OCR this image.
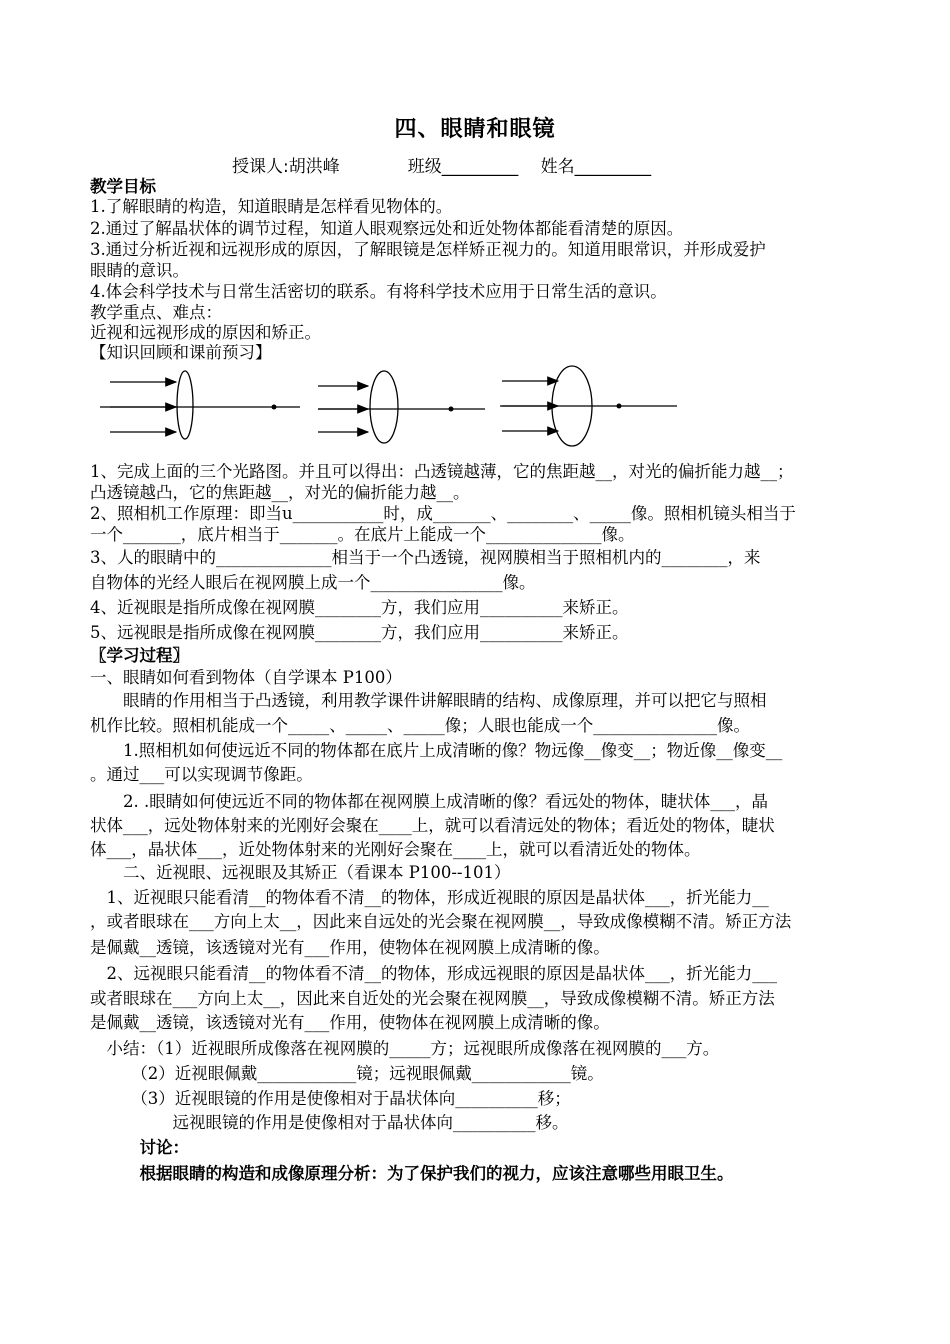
四、眼睛和眼镜
授课人:胡洪峰　　　　班级_________　 姓名_________
教学目标
1.了解眼睛的构造，知道眼睛是怎样看见物体的。
2.通过了解晶状体的调节过程，知道人眼观察远处和近处物体都能看清楚的原因。
3.通过分析近视和远视形成的原因，了解眼镜是怎样矫正视力的。知道用眼常识，并形成爱护
眼睛的意识。
4.体会科学技术与日常生活密切的联系。有将科学技术应用于日常生活的意识。
教学重点、难点：
近视和远视形成的原因和矫正。
【知识回顾和课前预习】
1、完成上面的三个光路图。并且可以得出：凸透镜越薄，它的焦距越__，对光的偏折能力越__；
凸透镜越凸，它的焦距越__，对光的偏折能力越__。
2、照相机工作原理：即当u___________时，成_______、________、_____像。照相机镜头相当于
一个_______，底片相当于_______。在底片上能成一个______________像。
3、人的眼睛中的______________相当于一个凸透镜，视网膜相当于照相机内的________，来
自物体的光经人眼后在视网膜上成一个________________像。
4、近视眼是指所成像在视网膜________方，我们应用__________来矫正。
5、远视眼是指所成像在视网膜________方，我们应用__________来矫正。
〖学习过程〗
一、眼睛如何看到物体（自学课本 P100）
　　眼睛的作用相当于凸透镜，利用教学课件讲解眼睛的结构、成像原理，并可以把它与照相
机作比较。照相机能成一个_____、_____、_____像；人眼也能成一个_______________像。
　　1.照相机如何使远近不同的物体都在底片上成清晰的像？物远像__像变__；物近像__像变__
。通过___可以实现调节像距。
　　2. .眼睛如何使远近不同的物体都在视网膜上成清晰的像？看远处的物体，睫状体___，晶
状体___，远处物体射来的光刚好会聚在____上，就可以看清远处的物体；看近处的物体，睫状
体___，晶状体___，近处物体射来的光刚好会聚在____上，就可以看清近处的物体。
　　二、近视眼、远视眼及其矫正（看课本 P100--101）
　1、近视眼只能看清__的物体看不清__的物体，形成近视眼的原因是晶状体___，折光能力__
，或者眼球在___方向上太__，因此来自远处的光会聚在视网膜__，导致成像模糊不清。矫正方法
是佩戴__透镜，该透镜对光有___作用，使物体在视网膜上成清晰的像。
　2、远视眼只能看清__的物体看不清__的物体，形成远视眼的原因是晶状体___，折光能力___
或者眼球在___方向上太__，因此来自近处的光会聚在视网膜__，导致成像模糊不清。矫正方法
是佩戴__透镜，该透镜对光有___作用，使物体在视网膜上成清晰的像。
　小结：（1）近视眼所成像落在视网膜的_____方；远视眼所成像落在视网膜的___方。
　　　（2）近视眼佩戴____________镜；远视眼佩戴____________镜。
　　　（3）近视眼镜的作用是使像相对于晶状体向__________移；
　　　　　远视眼镜的作用是使像相对于晶状体向__________移。
　　　讨论：
　　　根据眼睛的构造和成像原理分析：为了保护我们的视力，应该注意哪些用眼卫生。
